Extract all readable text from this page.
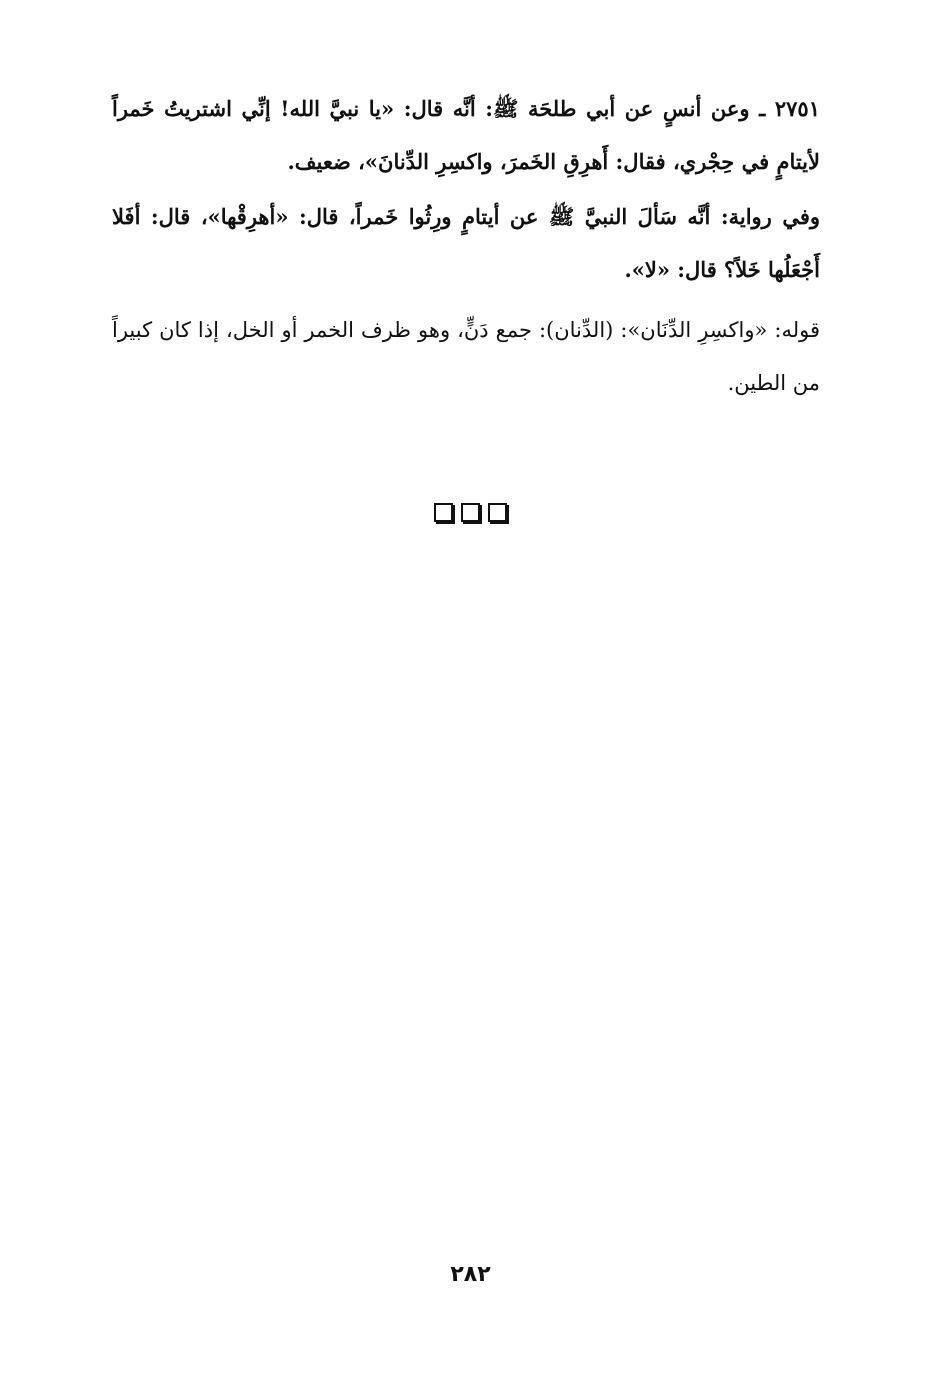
٢٧٥١ ـ وعن أنسٍ عن أبي طلحَة ﷺ: أنَّه قال: «يا نبيَّ الله! إنِّي اشتريتُ خَمراً لأيتامٍ في حِجْري، فقال: أَهرِقِ الخَمرَ، واكسِرِ الدِّنانَ»، ضعيف.

وفي رواية: أنَّه سَألَ النبيَّ ﷺ عن أيتامٍ ورِثُوا خَمراً، قال: «أهرِقْها»، قال: أفَلا أَجْعَلُها خَلاً؟ قال: «لا».

قوله: «واكسِرِ الدِّنَان»: (الدِّنان): جمع دَنٍّ، وهو ظرف الخمر أو الخل، إذا كان كبيراً من الطين.

٢٨٢
